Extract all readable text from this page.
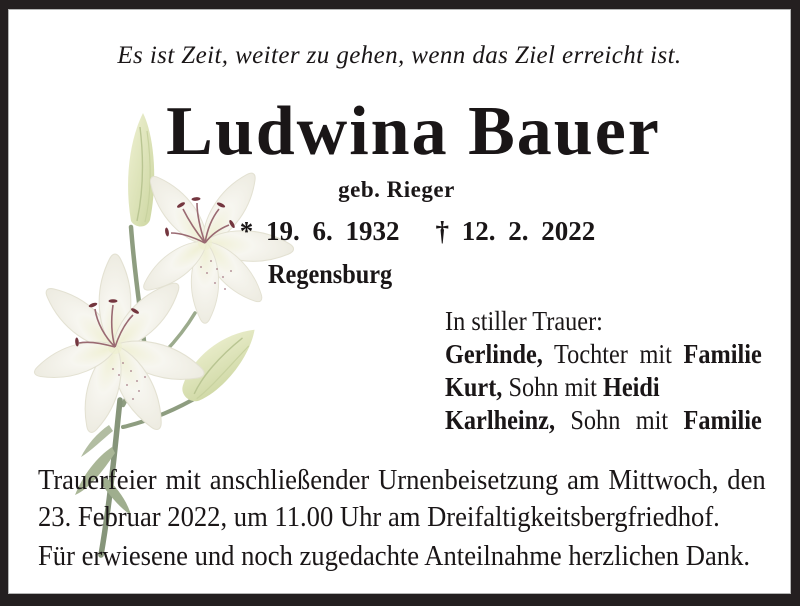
Es ist Zeit, weiter zu gehen, wenn das Ziel erreicht ist.
Ludwina Bauer
geb. Rieger
* 19. 6. 1932 † 12. 2. 2022
Regensburg
In stiller Trauer:
Gerlinde, Tochter mit Familie
Kurt, Sohn mit Heidi
Karlheinz, Sohn mit Familie
Trauerfeier mit anschließender Urnenbeisetzung am Mittwoch, den
23. Februar 2022, um 11.00 Uhr am Dreifaltigkeitsbergfriedhof.
Für erwiesene und noch zugedachte Anteilnahme herzlichen Dank.
